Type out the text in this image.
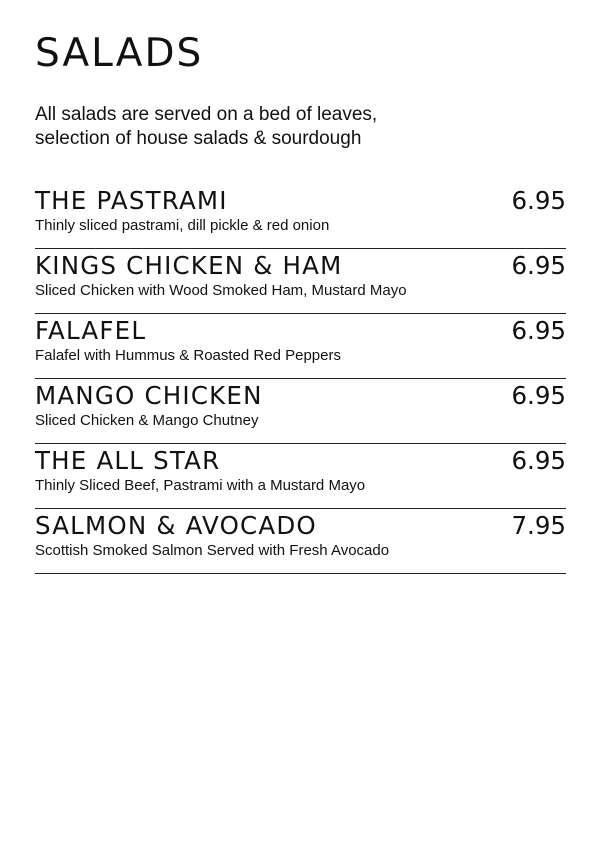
SALADS

All salads are served on a bed of leaves,
selection of house salads & sourdough

THE PASTRAMI	6.95
Thinly sliced pastrami, dill pickle & red onion
KINGS CHICKEN & HAM	6.95
Sliced Chicken with Wood Smoked Ham, Mustard Mayo
FALAFEL	6.95
Falafel with Hummus & Roasted Red Peppers
MANGO CHICKEN	6.95
Sliced Chicken & Mango Chutney
THE ALL STAR	6.95
Thinly Sliced Beef, Pastrami with a Mustard Mayo
SALMON & AVOCADO	7.95
Scottish Smoked Salmon Served with Fresh Avocado
